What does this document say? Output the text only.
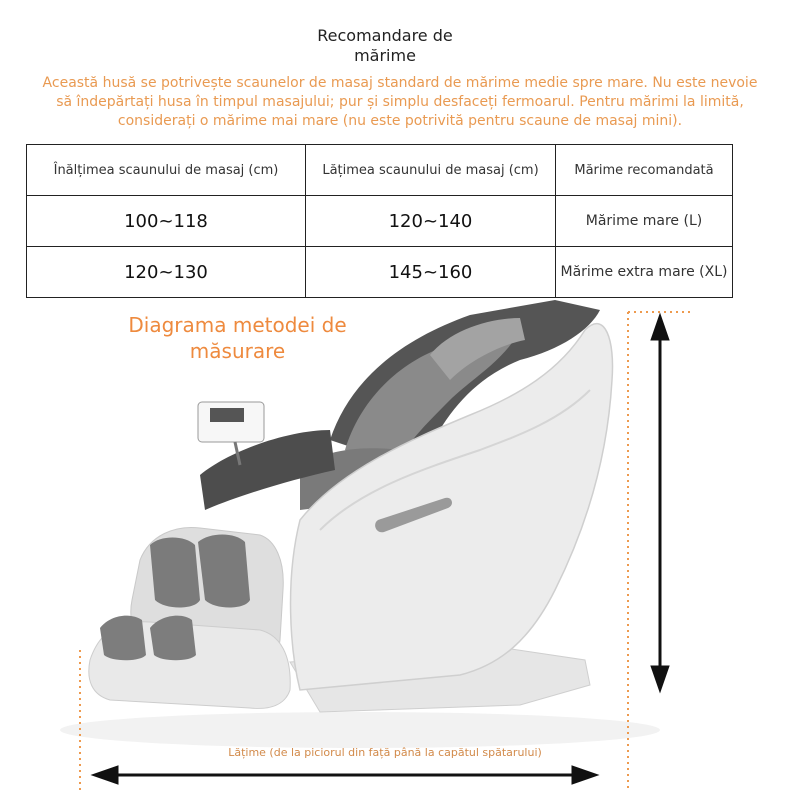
Recomandare de mărime
Această husă se potrivește scaunelor de masaj standard de mărime medie spre mare. Nu este nevoie să îndepărtați husa în timpul masajului; pur și simplu desfaceți fermoarul. Pentru mărimi la limită, considerați o mărime mai mare (nu este potrivită pentru scaune de masaj mini).
Înălțimea scaunului de masaj (cm)	Lățimea scaunului de masaj (cm)	Mărime recomandată
100~118	120~140	Mărime mare (L)
120~130	145~160	Mărime extra mare (XL)
Diagrama metodei de măsurare
Lățime (de la piciorul din față până la capătul spătarului)
